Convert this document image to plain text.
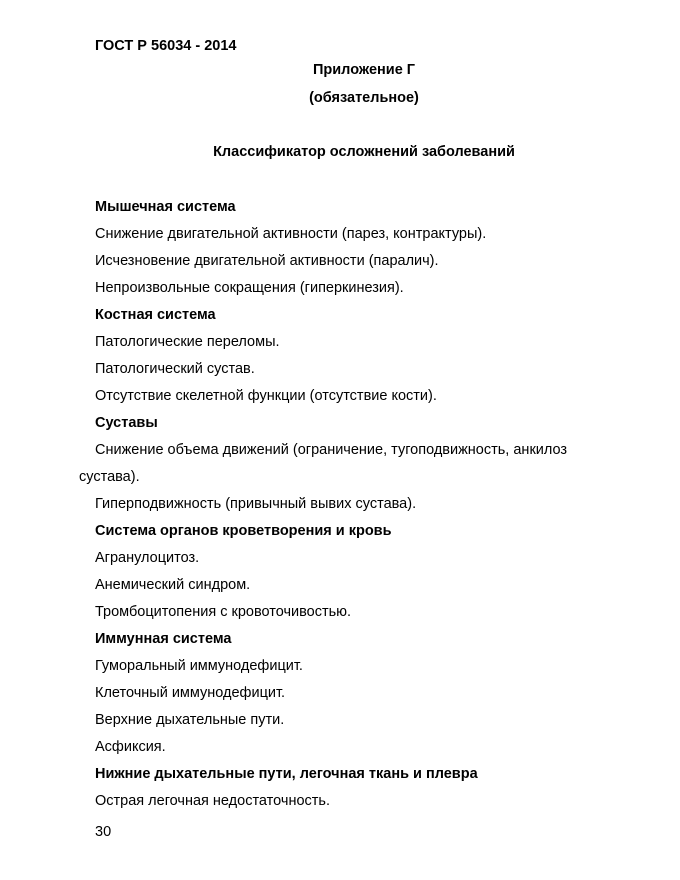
ГОСТ Р 56034 - 2014
Приложение Г
(обязательное)
Классификатор осложнений заболеваний
Мышечная система
Снижение двигательной активности (парез, контрактуры).
Исчезновение двигательной активности (паралич).
Непроизвольные сокращения (гиперкинезия).
Костная система
Патологические переломы.
Патологический сустав.
Отсутствие скелетной функции (отсутствие кости).
Суставы
Снижение объема движений (ограничение, тугоподвижность, анкилоз
сустава).
Гиперподвижность (привычный вывих сустава).
Система органов кроветворения и кровь
Агранулоцитоз.
Анемический синдром.
Тромбоцитопения с кровоточивостью.
Иммунная система
Гуморальный иммунодефицит.
Клеточный иммунодефицит.
Верхние дыхательные пути.
Асфиксия.
Нижние дыхательные пути, легочная ткань и плевра
Острая легочная недостаточность.
30
